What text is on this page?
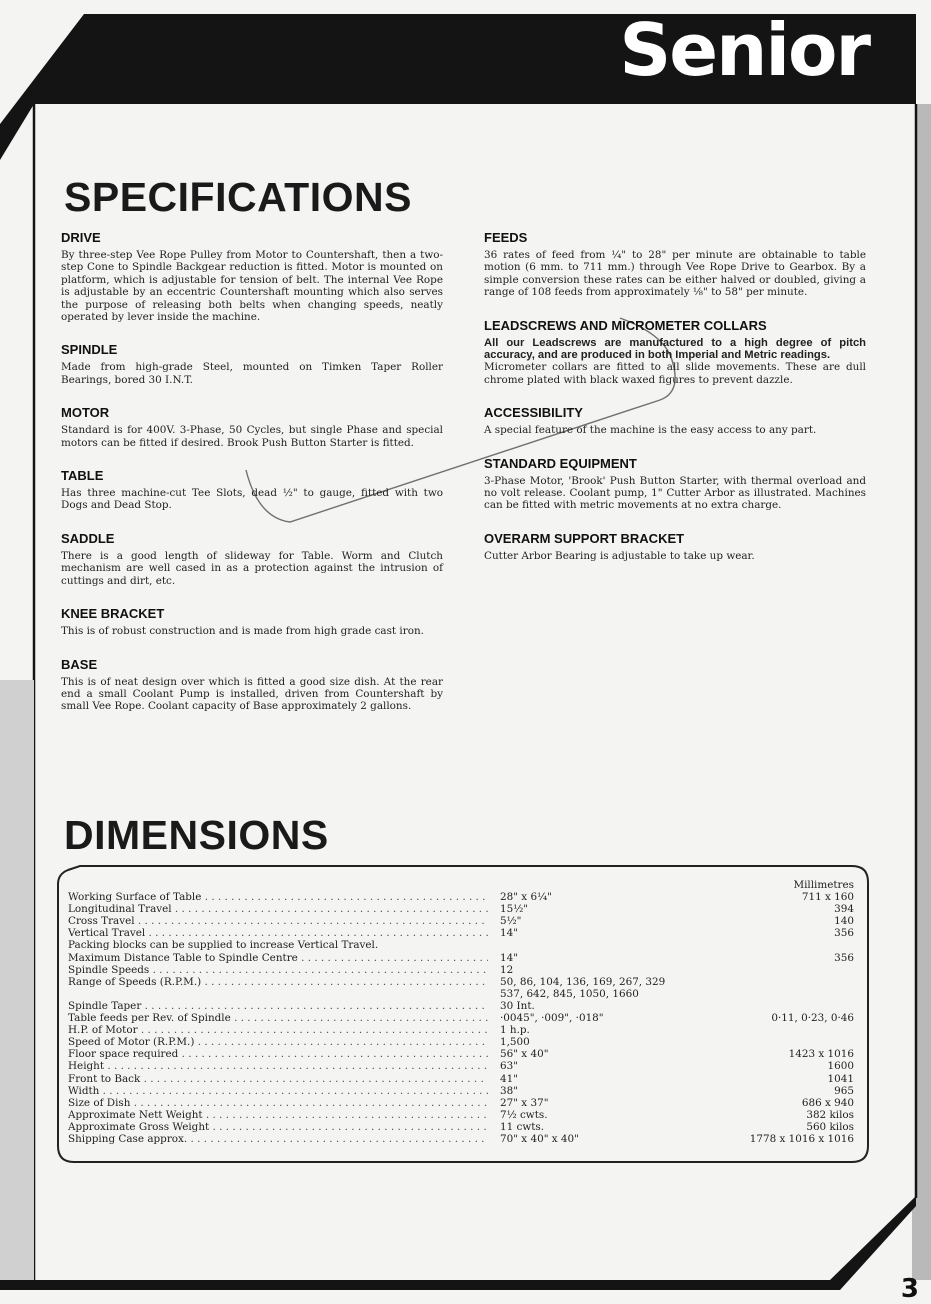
Senior
SPECIFICATIONS
DRIVE

By three-step Vee Rope Pulley from Motor to Countershaft, then a two-step Cone to Spindle Backgear reduction is fitted. Motor is mounted on platform, which is adjustable for tension of belt. The internal Vee Rope is adjustable by an eccentric Countershaft mounting which also serves the purpose of releasing both belts when changing speeds, neatly operated by lever inside the machine.

SPINDLE

Made from high-grade Steel, mounted on Timken Taper Roller Bearings, bored 30 I.N.T.

MOTOR

Standard is for 400V. 3-Phase, 50 Cycles, but single Phase and special motors can be fitted if desired. Brook Push Button Starter is fitted.

TABLE

Has three machine-cut Tee Slots, dead ½" to gauge, fitted with two Dogs and Dead Stop.

SADDLE

There is a good length of slideway for Table. Worm and Clutch mechanism are well cased in as a protection against the intrusion of cuttings and dirt, etc.

KNEE BRACKET

This is of robust construction and is made from high grade cast iron.

BASE

This is of neat design over which is fitted a good size dish. At the rear end a small Coolant Pump is installed, driven from Countershaft by small Vee Rope. Coolant capacity of Base approximately 2 gallons.

FEEDS

36 rates of feed from ¼" to 28" per minute are obtainable to table motion (6 mm. to 711 mm.) through Vee Rope Drive to Gearbox. By a simple conversion these rates can be either halved or doubled, giving a range of 108 feeds from approximately ⅛" to 58" per minute.

LEADSCREWS AND MICROMETER COLLARS

All our Leadscrews are manufactured to a high degree of pitch accuracy, and are produced in both Imperial and Metric readings.

Micrometer collars are fitted to all slide movements. These are dull chrome plated with black waxed figures to prevent dazzle.

ACCESSIBILITY

A special feature of the machine is the easy access to any part.

STANDARD EQUIPMENT

3-Phase Motor, 'Brook' Push Button Starter, with thermal overload and no volt release. Coolant pump, 1" Cutter Arbor as illustrated. Machines can be fitted with metric movements at no extra charge.

OVERARM SUPPORT BRACKET

Cutter Arbor Bearing is adjustable to take up wear.

DIMENSIONS
Millimetres
Working Surface of Table . . .	28" x 6¼"	711 x 160
Longitudinal Travel . . .	15½"	394
Cross Travel . . .	5½"	140
Vertical Travel . . .	14"	356
Packing blocks can be supplied to increase Vertical Travel.
Maximum Distance Table to Spindle Centre . . .	14"	356
Spindle Speeds . . .	12
Range of Speeds (R.P.M.) . . .	50, 86, 104, 136, 169, 267, 329
537, 642, 845, 1050, 1660
Spindle Taper . . .	30 Int.
Table feeds per Rev. of Spindle . . .	·0045", ·009", ·018"	0·11, 0·23, 0·46
H.P. of Motor . . .	1 h.p.
Speed of Motor (R.P.M.) . . .	1,500
Floor space required . . .	56" x 40"	1423 x 1016
Height . . .	63"	1600
Front to Back . . .	41"	1041
Width . . .	38"	965
Size of Dish . . .	27" x 37"	686 x 940
Approximate Nett Weight . . .	7½ cwts.	382 kilos
Approximate Gross Weight . . .	11 cwts.	560 kilos
Shipping Case approx. . . .	70" x 40" x 40"	1778 x 1016 x 1016
3
